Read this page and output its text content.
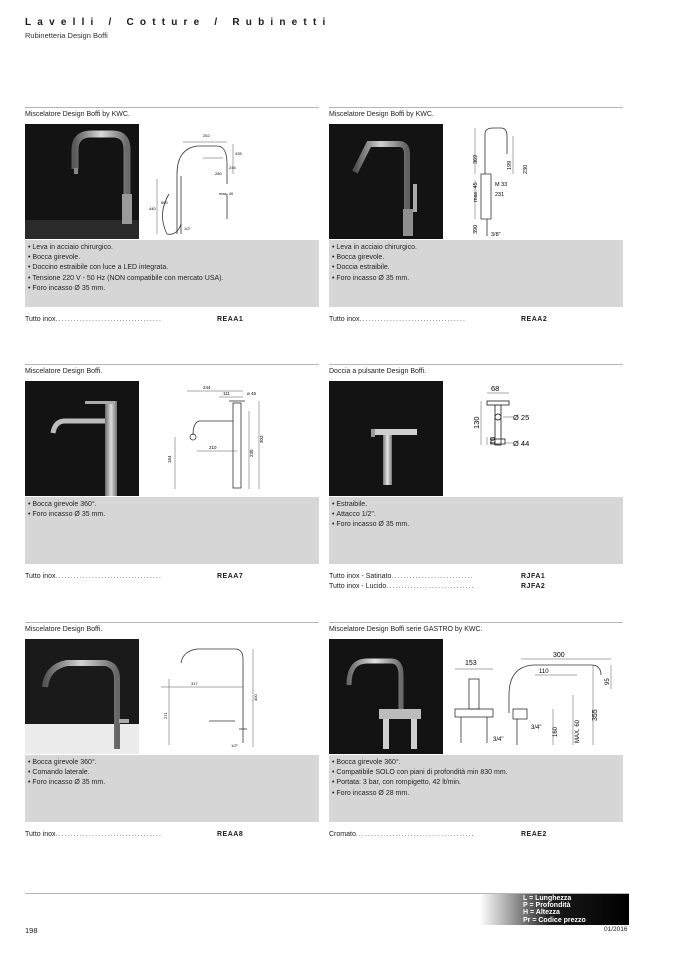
Lavelli / Cotture / Rubinetti
Rubinetteria Design Boffi
Miscelatore Design Boffi by KWC.
252
435
245
280
max. 40
440
600
1/2"
• Leva in acciaio chirurgico.
• Bocca girevole.
• Doccino estraibile con luce a LED integrata.
• Tensione 220 V - 50 Hz (NON compatibile con mercato USA).
• Foro incasso Ø 35 mm.
Tutto inox...................................	REAA1
Miscelatore Design Boffi by KWC.
369
199 230
max. 45	M 33
231
390
3/8"
• Leva in acciaio chirurgico.
• Bocca girevole.
• Doccia estraibile.
• Foro incasso Ø 35 mm.
Tutto inox...................................	REAA2
Miscelatore Design Boffi.
244
111	ø 45
210
303
230
164
• Bocca girevole 360°.
• Foro incasso Ø 35 mm.
Tutto inox...................................	REAA7
Doccia a pulsante Design Boffi.
68
Ø 25
130
10 Ø 44
• Estraibile.
• Attacco 1/2".
• Foro incasso Ø 35 mm.
Tutto inox - Satinato...........................	RJFA1
Tutto inox - Lucido.............................	RJFA2
Miscelatore Design Boffi.
317
400
271
1/2"
• Bocca girevole 360°.
• Comando laterale.
• Foro incasso Ø 35 mm.
Tutto inox...................................	REAA8
Miscelatore Design Boffi serie GASTRO by KWC.
153
300
110
95
355
160	MAX. 60
3/4"
3/4"
• Bocca girevole 360°.
• Compatibile SOLO con piani di profondità min 830 mm.
• Portata: 3 bar, con rompigetto, 42 lt/min.
• Foro incasso Ø 28 mm.
Cromato.......................................	REAE2
L = Lunghezza
P = Profondità
H = Altezza
Pr = Codice prezzo
198	01/2016
